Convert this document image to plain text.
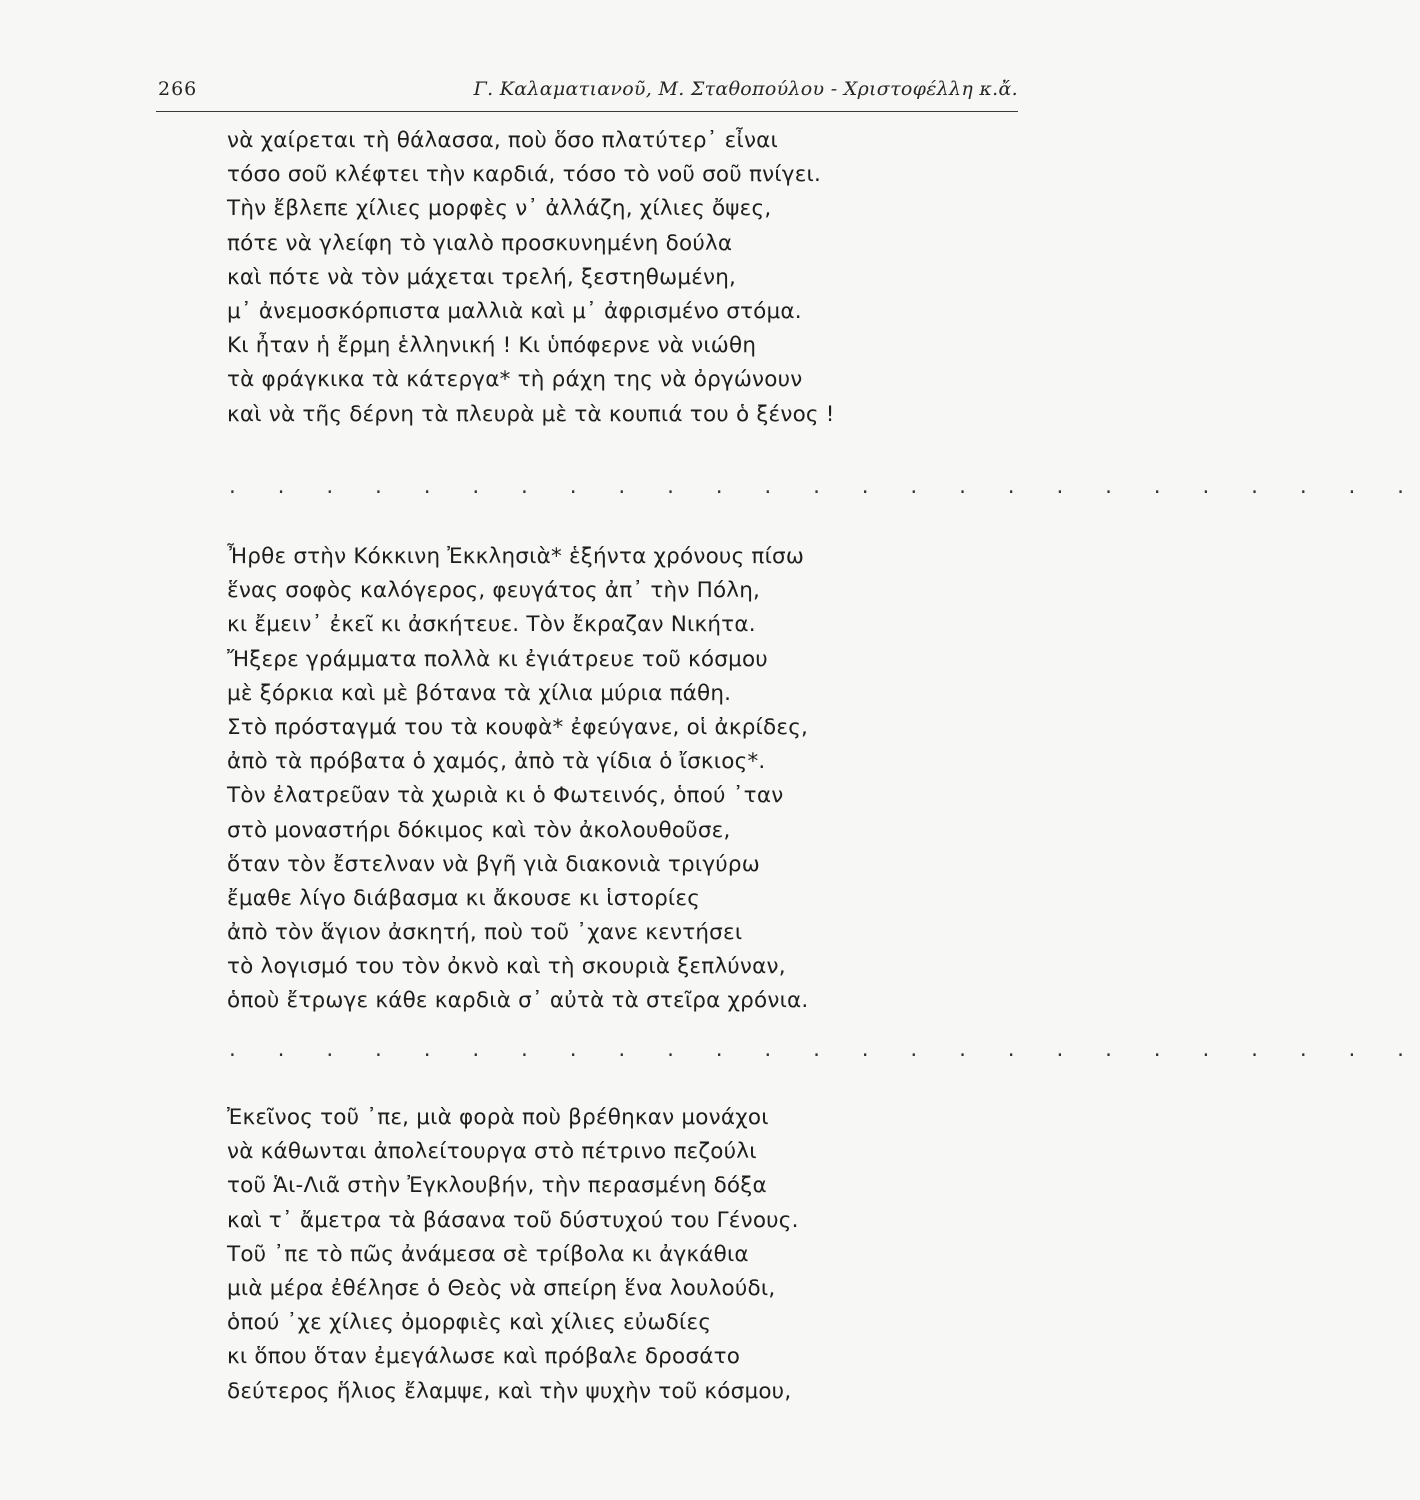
266	Γ. Καλαματιανοῦ, Μ. Σταθοπούλου - Χριστοφέλλη κ.ἄ.
νὰ χαίρεται τὴ θάλασσα, ποὺ ὅσο πλατύτερ᾽ εἶναι
τόσο σοῦ κλέφτει τὴν καρδιά, τόσο τὸ νοῦ σοῦ πνίγει.
Τὴν ἔβλεπε χίλιες μορφὲς ν᾽ ἀλλάζη, χίλιες ὄψες,
πότε νὰ γλείφη τὸ γιαλὸ προσκυνημένη δούλα
καὶ πότε νὰ τὸν μάχεται τρελή, ξεστηθωμένη,
μ᾽ ἀνεμοσκόρπιστα μαλλιὰ καὶ μ᾽ ἀφρισμένο στόμα.
Κι ἦταν ἡ ἔρμη ἑλληνική ! Κι ὑπόφερνε νὰ νιώθη
τὰ φράγκικα τὰ κάτεργα* τὴ ράχη της νὰ ὀργώνουν
καὶ νὰ τῆς δέρνη τὰ πλευρὰ μὲ τὰ κουπιά του ὁ ξένος !
. . . . . . . . . . . . . . . . . . . . . . . . .
Ἦρθε στὴν Κόκκινη Ἐκκλησιὰ* ἑξήντα χρόνους πίσω
ἕνας σοφὸς καλόγερος, φευγάτος ἀπ᾽ τὴν Πόλη,
κι ἔμειν᾽ ἐκεῖ κι ἀσκήτευε. Τὸν ἔκραζαν Νικήτα.
Ἤξερε γράμματα πολλὰ κι ἐγιάτρευε τοῦ κόσμου
μὲ ξόρκια καὶ μὲ βότανα τὰ χίλια μύρια πάθη.
Στὸ πρόσταγμά του τὰ κουφὰ* ἐφεύγανε, οἱ ἀκρίδες,
ἀπὸ τὰ πρόβατα ὁ χαμός, ἀπὸ τὰ γίδια ὁ ἴσκιος*.
Τὸν ἐλατρεῦαν τὰ χωριὰ κι ὁ Φωτεινός, ὁπού ᾽ταν
στὸ μοναστήρι δόκιμος καὶ τὸν ἀκολουθοῦσε,
ὅταν τὸν ἔστελναν νὰ βγῆ γιὰ διακονιὰ τριγύρω
ἔμαθε λίγο διάβασμα κι ἄκουσε κι ἱστορίες
ἀπὸ τὸν ἅγιον ἀσκητή, ποὺ τοῦ ᾽χανε κεντήσει
τὸ λογισμό του τὸν ὀκνὸ καὶ τὴ σκουριὰ ξεπλύναν,
ὁποὺ ἔτρωγε κάθε καρδιὰ σ᾽ αὐτὰ τὰ στεῖρα χρόνια.
. . . . . . . . . . . . . . . . . . . . . . . . .
Ἐκεῖνος τοῦ ᾽πε, μιὰ φορὰ ποὺ βρέθηκαν μονάχοι
νὰ κάθωνται ἀπολείτουργα στὸ πέτρινο πεζούλι
τοῦ Ἁι-Λιᾶ στὴν Ἐγκλουβήν, τὴν περασμένη δόξα
καὶ τ᾽ ἄμετρα τὰ βάσανα τοῦ δύστυχού του Γένους.
Τοῦ ᾽πε τὸ πῶς ἀνάμεσα σὲ τρίβολα κι ἀγκάθια
μιὰ μέρα ἐθέλησε ὁ Θεὸς νὰ σπείρη ἕνα λουλούδι,
ὁπού ᾽χε χίλιες ὀμορφιὲς καὶ χίλιες εὐωδίες
κι ὅπου ὅταν ἐμεγάλωσε καὶ πρόβαλε δροσάτο
δεύτερος ἥλιος ἔλαμψε, καὶ τὴν ψυχὴν τοῦ κόσμου,
